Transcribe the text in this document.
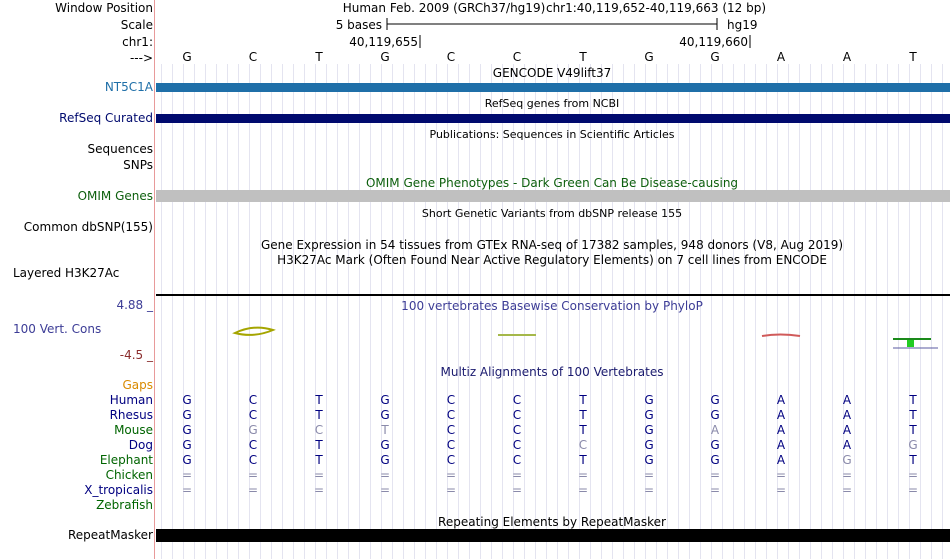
Window Position
Scale
chr1:
--->
NT5C1A
RefSeq Curated
Sequences
SNPs
OMIM Genes
Common dbSNP(155)
Layered H3K27Ac
4.88 _
100 Vert. Cons
-4.5 _
Gaps
RepeatMasker
Human Feb. 2009 (GRCh37/hg19) chr1:40,119,652-40,119,663 (12 bp)
5 bases	hg19
40,119,655	40,119,660
GENCODE V49lift37
RefSeq genes from NCBI
Publications: Sequences in Scientific Articles
OMIM Gene Phenotypes - Dark Green Can Be Disease-causing
Short Genetic Variants from dbSNP release 155
Gene Expression in 54 tissues from GTEx RNA-seq of 17382 samples, 948 donors (V8, Aug 2019)
H3K27Ac Mark (Often Found Near Active Regulatory Elements) on 7 cell lines from ENCODE
100 vertebrates Basewise Conservation by PhyloP
Multiz Alignments of 100 Vertebrates
Repeating Elements by RepeatMasker
G	C	T	G	C	C	T	G	G	A	A	T
Human G	C	T	G	C	C	T	G	G	A	A	T
Rhesus G	C	T	G	C	C	T	G	G	A	A	T
Mouse G	G	C	T	C	C	T	G	A	A	A	T
Dog G	C	T	G	C	C	C	G	G	A	A	G
Elephant G	C	T	G	C	C	T	G	G	A	G	T
Chicken =	=	=	=	=	=	=	=	=	=	=	=
X_tropicalis =	=	=	=	=	=	=	=	=	=	=	=
Zebrafish
